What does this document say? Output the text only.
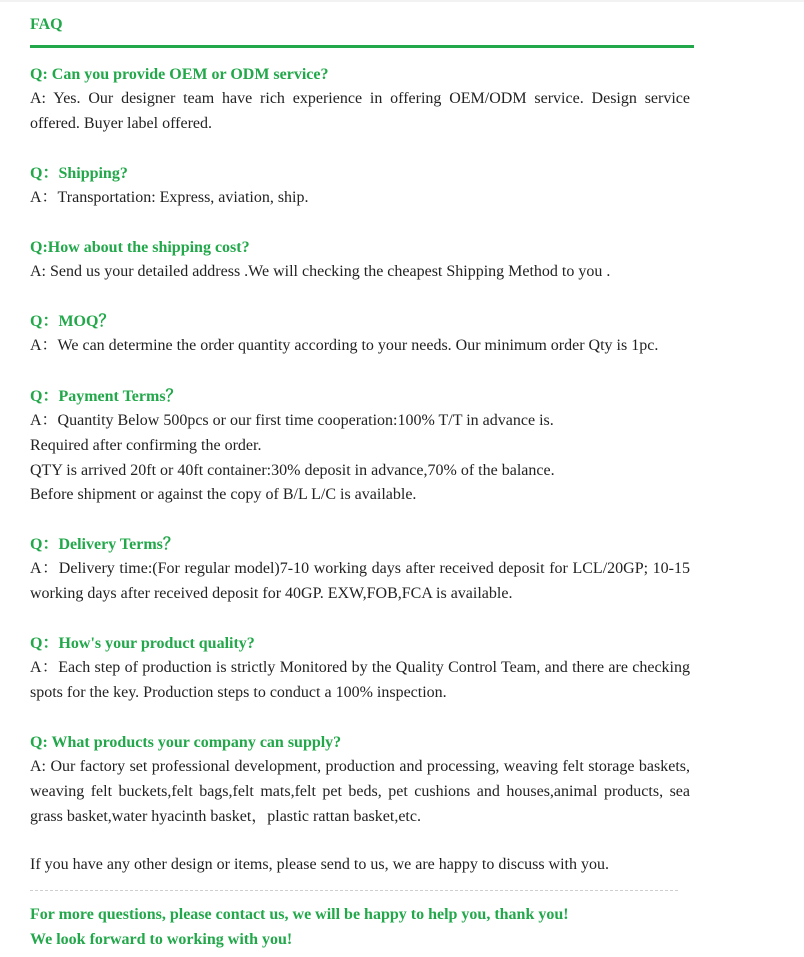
FAQ
Q: Can you provide OEM or ODM service?

A: Yes. Our designer team have rich experience in offering OEM/ODM service. Design service offered. Buyer label offered.

Q：Shipping?

A：Transportation: Express, aviation, ship.

Q:How about the shipping cost?

A: Send us your detailed address .We will checking the cheapest Shipping Method to you .

Q：MOQ？

A：We can determine the order quantity according to your needs. Our minimum order Qty is 1pc.

Q：Payment Terms？

A：Quantity Below 500pcs or our first time cooperation:100% T/T in advance is.

Required after confirming the order.

QTY is arrived 20ft or 40ft container:30% deposit in advance,70% of the balance.

Before shipment or against the copy of B/L L/C is available.

Q：Delivery Terms？

A：Delivery time:(For regular model)7-10 working days after received deposit for LCL/20GP; 10-15 working days after received deposit for 40GP. EXW,FOB,FCA is available.

Q：How's your product quality?

A：Each step of production is strictly Monitored by the Quality Control Team, and there are checking spots for the key. Production steps to conduct a 100% inspection.

Q: What products your company can supply?

A: Our factory set professional development, production and processing, weaving felt storage baskets, weaving felt buckets,felt bags,felt mats,felt pet beds, pet cushions and houses,animal products, sea grass basket,water hyacinth basket，plastic rattan basket,etc.

If you have any other design or items, please send to us, we are happy to discuss with you.
For more questions, please contact us, we will be happy to help you, thank you!
We look forward to working with you!
